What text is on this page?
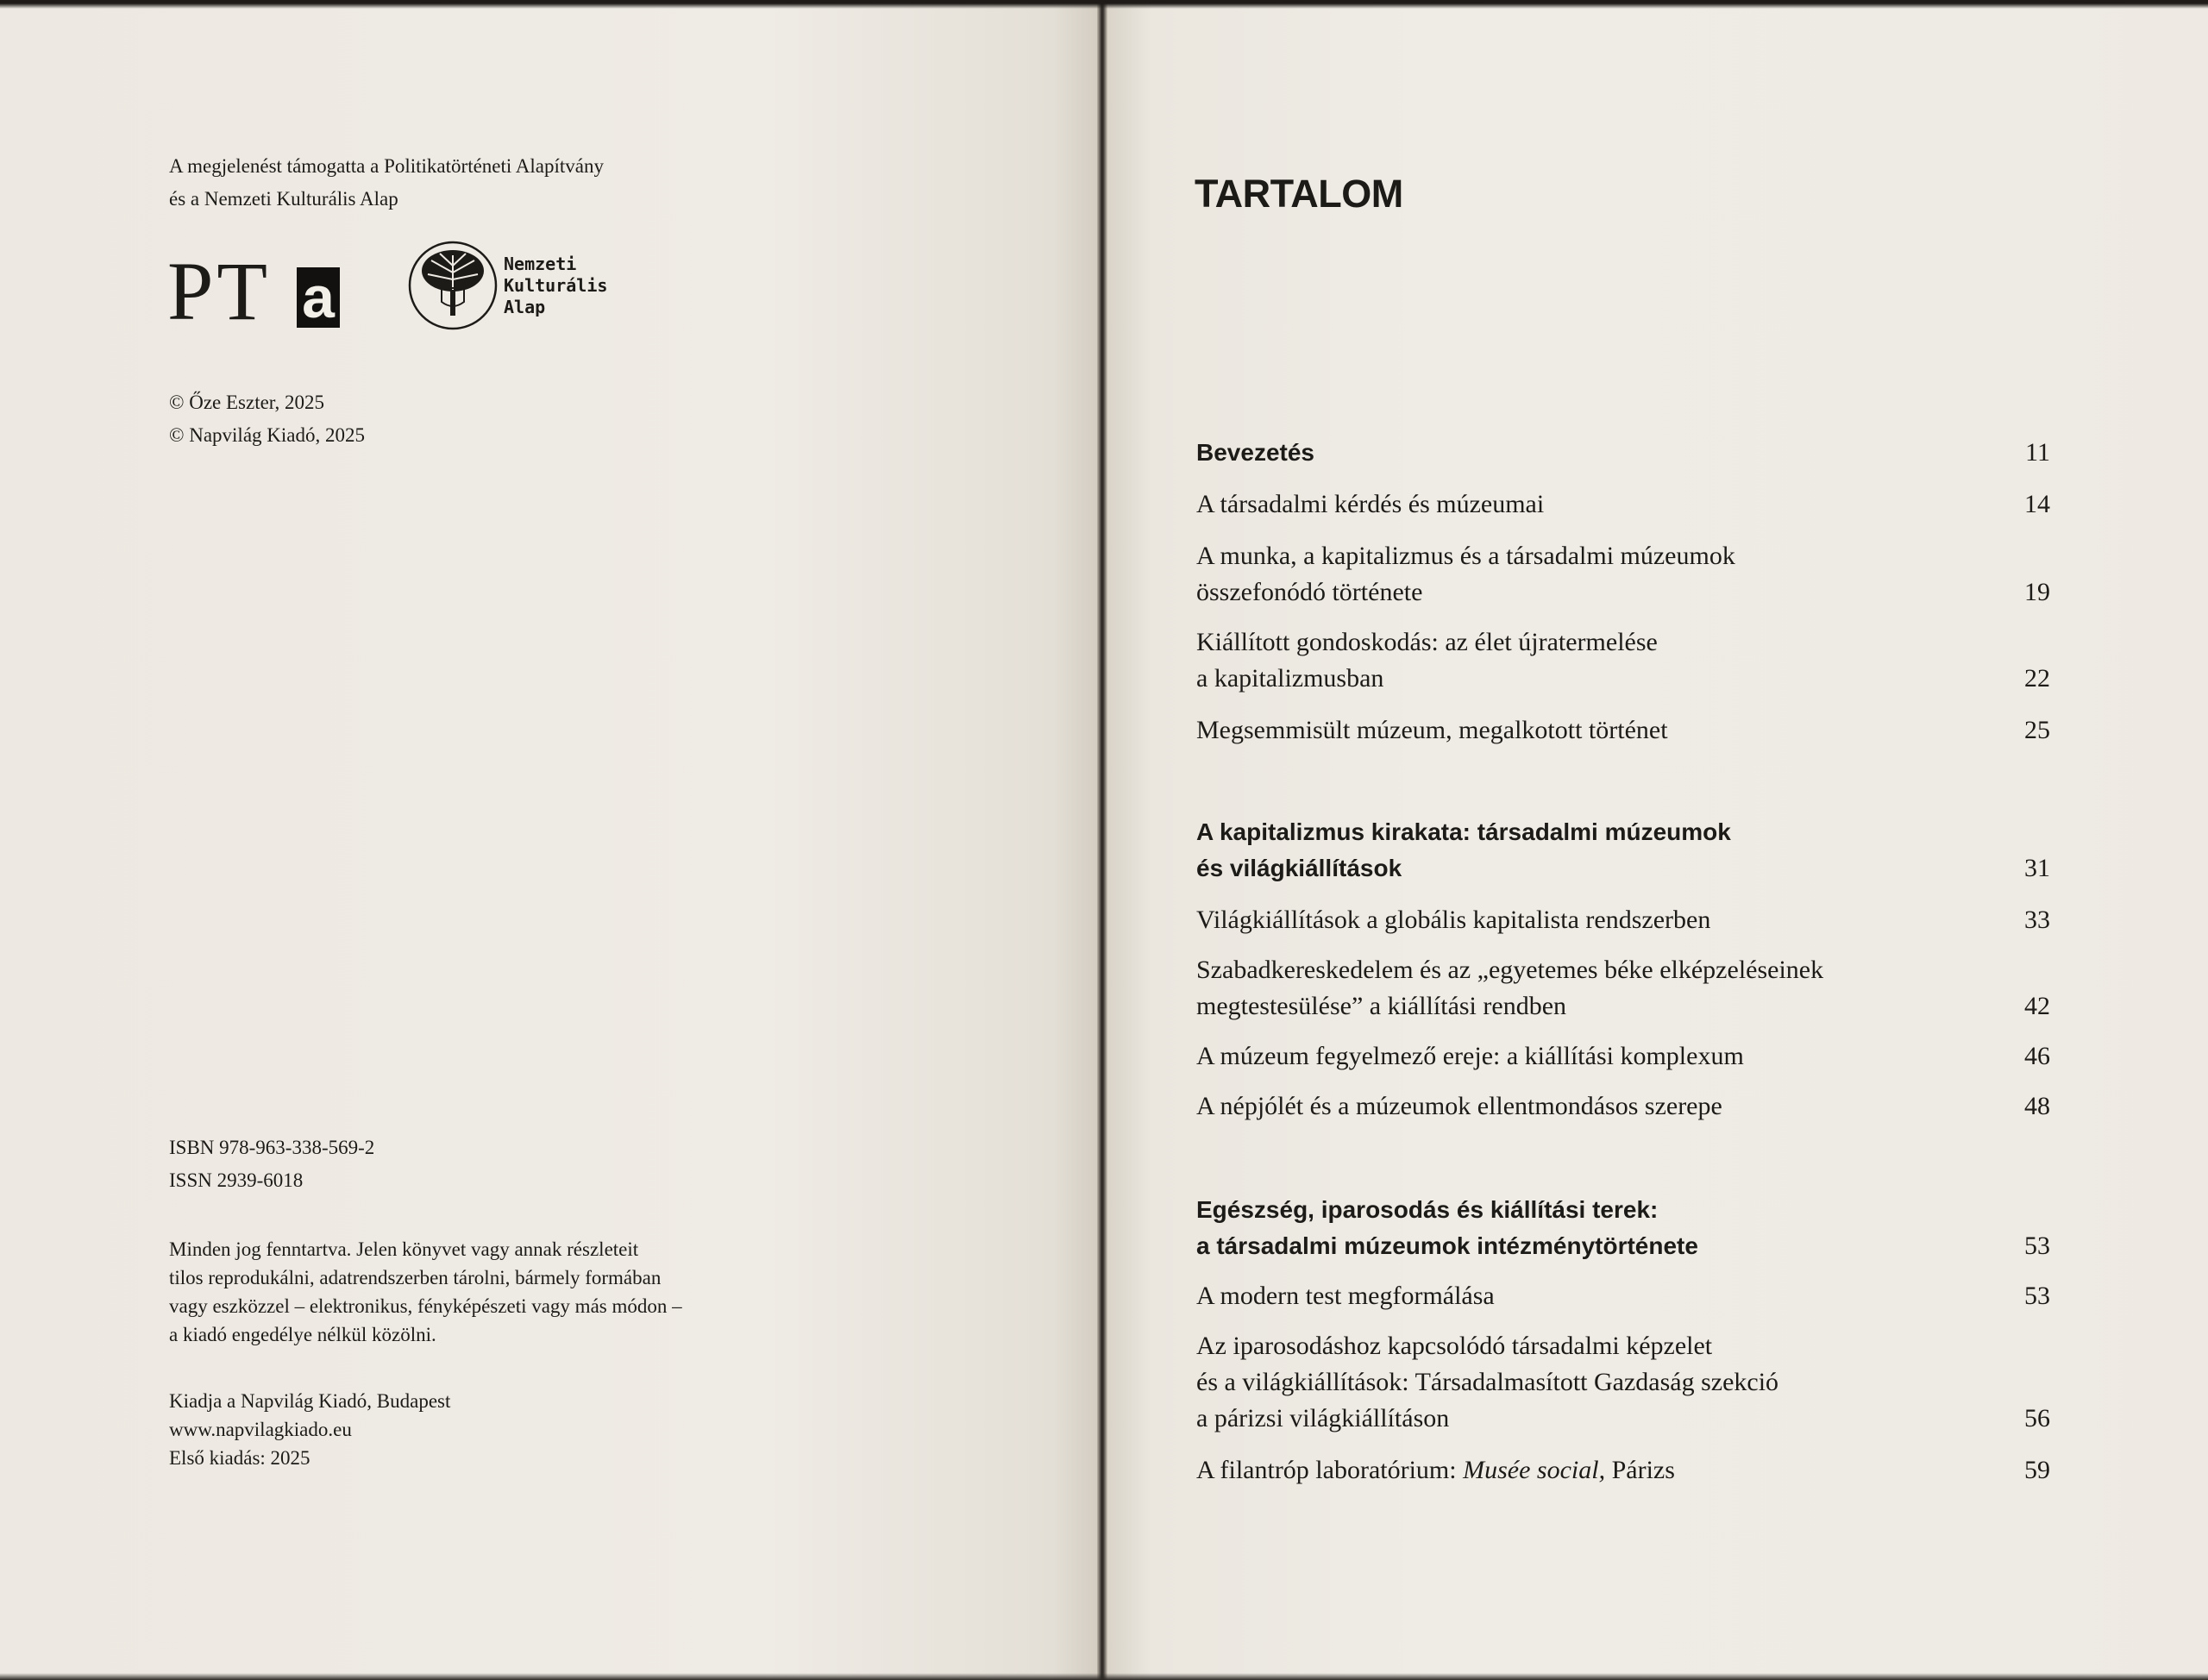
A megjelenést támogatta a Politikatörténeti Alapítvány
és a Nemzeti Kulturális Alap
PT a
Nemzeti
Kulturális
Alap
© Őze Eszter, 2025
© Napvilág Kiadó, 2025
ISBN 978-963-338-569-2
ISSN 2939-6018
Minden jog fenntartva. Jelen könyvet vagy annak részleteit
tilos reprodukálni, adatrendszerben tárolni, bármely formában
vagy eszközzel – elektronikus, fényképészeti vagy más módon –
a kiadó engedélye nélkül közölni.
Kiadja a Napvilág Kiadó, Budapest
www.napvilagkiado.eu
Első kiadás: 2025
TARTALOM
Bevezetés	11
A társadalmi kérdés és múzeumai	14
A munka, a kapitalizmus és a társadalmi múzeumok
összefonódó története	19
Kiállított gondoskodás: az élet újratermelése
a kapitalizmusban	22
Megsemmisült múzeum, megalkotott történet	25
A kapitalizmus kirakata: társadalmi múzeumok
és világkiállítások	31
Világkiállítások a globális kapitalista rendszerben	33
Szabadkereskedelem és az „egyetemes béke elképzeléseinek
megtestesülése” a kiállítási rendben	42
A múzeum fegyelmező ereje: a kiállítási komplexum	46
A népjólét és a múzeumok ellentmondásos szerepe	48
Egészség, iparosodás és kiállítási terek:
a társadalmi múzeumok intézménytörténete	53
A modern test megformálása	53
Az iparosodáshoz kapcsolódó társadalmi képzelet
és a világkiállítások: Társadalmasított Gazdaság szekció
a párizsi világkiállításon	56
A filantróp laboratórium: Musée social, Párizs	59
